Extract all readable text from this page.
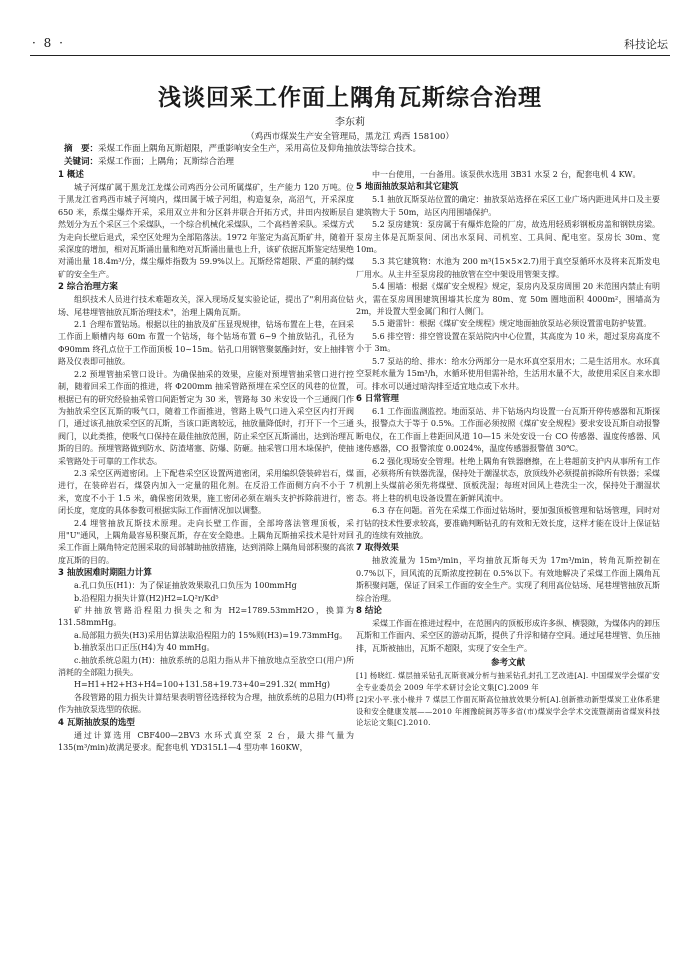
· 8 ·	科技论坛
浅谈回采工作面上隅角瓦斯综合治理
李东莉
（鸡西市煤炭生产安全管理局，黑龙江 鸡西 158100）
摘　要：采煤工作面上隅角瓦斯超限，严重影响安全生产，采用高位及仰角抽放法等综合技术。
关键词：采煤工作面；上隅角；瓦斯综合治理
1 概述

城子河煤矿属于黑龙江龙煤公司鸡西分公司所属煤矿，生产能力 120 万吨。位于黑龙江省鸡西市城子河境内，煤田属于城子河组，构造复杂，高沼气，开采深度 650 米，系煤尘爆炸开采，采用双立井和分区斜井联合开拓方式，井田内按断层自然划分为五个采区三个采煤队，一个综合机械化采煤队，二个高档普采队。采煤方式为走向长壁后退式，采空区处理为全部陷落法。1972 年鉴定为高瓦斯矿井，随着开采深度的增加，相对瓦斯涌出量和绝对瓦斯涌出量也上升，该矿依据瓦斯鉴定结果绝对涌出量 18.4m³/分，煤尘爆炸指数为 59.9%以上。瓦斯经常超限、严重的制约煤矿的安全生产。

2 综合治理方案

组织技术人员进行技术难题攻关，深入现场反复实验论证，提出了"利用高位钻场、尾巷埋管抽放瓦斯治理技术"，治理上隅角瓦斯。

2.1 合理布置钻场。根据以往的抽放及矿压显现规律，钻场布置在上巷，在回采工作面上顺槽内每 60m 布置一个钻场，每个钻场布置 6~9 个抽放钻孔，孔径为 Φ90mm 终孔点位于工作面顶板 10~15m。钻孔口用钢管聚氨酯封好，安上抽排管路及仪表即可抽放。

2.2 预埋管抽采管口设计。为确保抽采的效果，应能对预埋管抽采管口进行控制，随着回采工作面的推进，将 Φ200mm 抽采管路预埋在采空区的风巷的位置，根据已有的研究经验抽采管口间距暂定为 30 米，管路每 30 米安设一个三通阀门作为抽放采空区瓦斯的吸气口，随着工作面推进，管路上吸气口进入采空区内打开阀门，通过该孔抽放采空区的瓦斯，当该口距离较远，抽放量降低时，打开下一个三通阀门，以此类推，使吸气口保持在最佳抽放范围，防止采空区瓦斯涌出，达到治理瓦斯的目的。预埋管路做到防水、防渣堵塞、防爆、防砸。抽采管口用木垛保护，使抽采管路处于可靠的工作状态。

2.3 采空区两道密闭。上下配巷采空区设置两道密闭，采用编织袋装碎岩石，煤进行，在装碎岩石，煤袋内加入一定量的阻化剂。在反沿工作面侧方向不小于 7 米，宽度不小于 1.5 米，确保密闭效果，施工密闭必须在端头支护拆除前进行，密闭长度，宽度的具体参数可根据实际工作面情况加以调整。

2.4 埋管抽放瓦斯技术原理。走向长壁工作面，全部垮落法管理顶板，采用"U"通风，上隅角最容易积聚瓦斯，存在安全隐患。上隅角瓦斯抽采技术是针对回采工作面上隅角特定范围采取的局部辅助抽放措施，达到消除上隅角局部积聚的高浓度瓦斯的目的。

3 抽放困难时期阻力计算

a.孔口负压(H1)：为了保证抽放效果取孔口负压为 100mmHg

b.沿程阻力损失计算(H2)H2=LQ²r/Kd⁵

矿井抽放管路沿程阻力损失之和为 H2=1789.53mmH2O，换算为 131.58mmHg。

a.局部阻力损失(H3)采用估算法取沿程阻力的 15%则(H3)=19.73mmHg。

b.抽放泵出口正压(H4)为 40 mmHg。

c.抽放系统总阻力(H)：抽放系统的总阻力指从井下抽放地点至放空口(用户)所消耗的全部阻力损失。

H=H1+H2+H3+H4=100+131.58+19.73+40=291.32( mmHg)

各段管路的阻力损失计算结果表明管径选择较为合理，抽放系统的总阻力(H)将作为抽放泵选型的依据。

4 瓦斯抽放泵的选型

通过计算选用 CBF400—2BV3 水环式真空泵 2 台，最大排气量为 135(m³/min)故满足要求。配套电机 YD315L1—4 型功率 160KW，

中一台使用，一台备用。该泵供水选用 3B31 水泵 2 台，配套电机 4 KW。

5 地面抽放泵站和其它建筑

5.1 抽放瓦斯泵站位置的确定：抽放泵站选择在采区工业广场内距进风井口及主要建筑物大于 50m，站区内用围墙保护。

5.2 泵房建筑：泵房属于有爆炸危险的厂房，故选用轻质彩钢板房盖和钢铁房梁。泵房主体是瓦斯泵间、闭出水泵间、司机室、工具间、配电室。泵房长 30m、宽 10m。

5.3 其它建筑物：水池为 200 m³(15×5×2.7)用于真空泵循环水及将来瓦斯发电厂用水。从主井至泵房段的抽放管在空中架设用管架支撑。

5.4 围墙：根据《煤矿安全规程》规定，泵房内及泵房周围 20 米范围内禁止有明火，需在泵房周围建筑围墙其长度为 80m、宽 50m 圈地面积 4000m²，围墙高为 2m，并设置大型金属门和行人侧门。

5.5 避雷针：根据《煤矿安全规程》规定地面抽放泵站必须设置雷电防护装置。

5.6 排空管：排空管设置在泵站院内中心位置，其高度为 10 米，超过泵房高度不小于 3m。

5.7 泵站的给、排水：给水分两部分一是水环真空泵用水；二是生活用水。水环真空泵耗水量为 15m³/h，水循环使用但需补给，生活用水量不大，故使用采区自来水即可。排水可以通过暗沟排至适宜地点或下水井。

6 日常管理

6.1 工作面监测监控。地面泵站、井下钻场内均设置一台瓦斯开停传感器和瓦斯探头，报警点大于等于 0.5%。工作面必须按照《煤矿安全规程》要求安设瓦斯自动报警断电仪，在工作面上巷距回风道 10—15 米处安设一台 CO 传感器、温度传感器、风速传感器，CO 报警浓度 0.0024%，温度传感器报警值 30℃。

6.2 强化现场安全管理。杜绝上隅角有铁器磨擦，在上巷超前支护内从事所有工作面，必须将所有铁器洗湿，保持处于潮湿状态，放顶线外必须提前拆除所有铁器；采煤机割上头煤前必须先将煤壁、顶板洗湿；每班对回风上巷洗尘一次，保持处于潮湿状态。将上巷的机电设备设置在新鲜风流中。

6.3 存在问题。首先在采煤工作面过钻场时，要加强顶板管理和钻场管理，同时对打钻的技术性要求较高，要准确判断钻孔的有效和无效长度，这样才能在设计上保证钻孔的连续有效抽放。

7 取得效果

抽放流量为 15m³/min，平均抽放瓦斯每天为 17m³/min，转角瓦斯控制在 0.7%以下，回风流的瓦斯浓度控制在 0.5%以下。有效地解决了采煤工作面上隅角瓦斯积聚问题，保证了回采工作面的安全生产。实现了利用高位钻场、尾巷埋管抽放瓦斯综合治理。

8 结论

采煤工作面在推进过程中，在范围内的顶板形成许多纵、横裂隙，为煤体内的卸压瓦斯和工作面内、采空区的游动瓦斯，提供了升浮和储存空间。通过尾巷埋管、负压抽排，瓦斯被抽出，瓦斯不超限，实现了安全生产。

参考文献

[1] 杨晓红. 煤层抽采钻孔瓦斯衰减分析与抽采钻孔封孔工艺改进[A]. 中国煤炭学会煤矿安全专业委员会 2009 年学术研讨会论文集[C].2009 年

[2]宋小平.张小椽并 7 煤层工作面瓦斯高位抽放效果分析[A].创新推动新型煤炭工业体系建设和安全健康发展——2010 年湘豫皖闽苏等多省(市)煤炭学会学术交流暨湖南省煤炭科技论坛论文集[C].2010.
